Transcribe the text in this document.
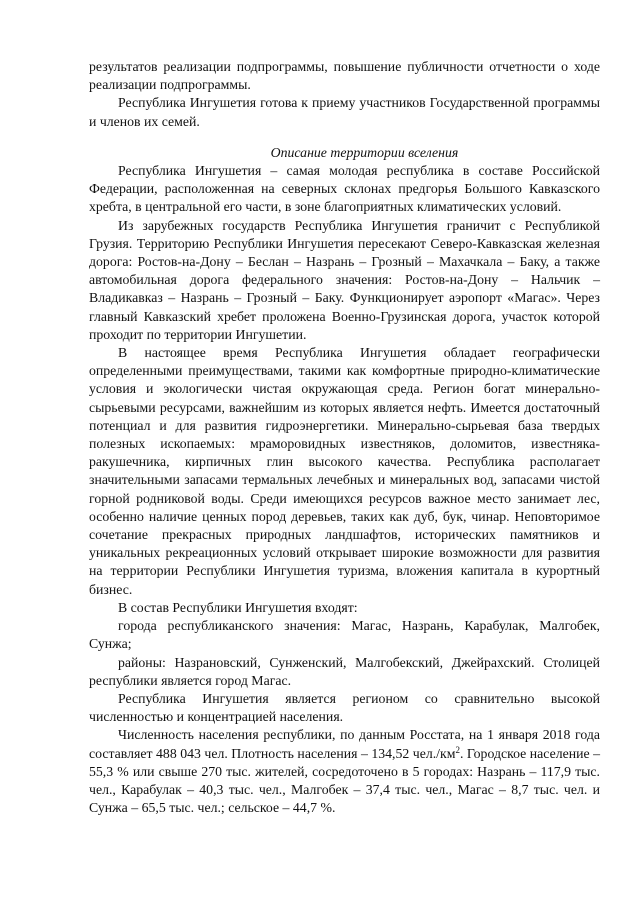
результатов реализации подпрограммы, повышение публичности отчетности о ходе реализации подпрограммы.

Республика Ингушетия готова к приему участников Государственной программы и членов их семей.

Описание территории вселения

Республика Ингушетия – самая молодая республика в составе Российской Федерации, расположенная на северных склонах предгорья Большого Кавказского хребта, в центральной его части, в зоне благоприятных климатических условий.

Из зарубежных государств Республика Ингушетия граничит с Республикой Грузия. Территорию Республики Ингушетия пересекают Северо-Кавказская железная дорога: Ростов-на-Дону – Беслан – Назрань – Грозный – Махачкала – Баку, а также автомобильная дорога федерального значения: Ростов-на-Дону – Нальчик – Владикавказ – Назрань – Грозный – Баку. Функционирует аэропорт «Магас». Через главный Кавказский хребет проложена Военно-Грузинская дорога, участок которой проходит по территории Ингушетии.

В настоящее время Республика Ингушетия обладает географически определенными преимуществами, такими как комфортные природно-климатические условия и экологически чистая окружающая среда. Регион богат минерально-сырьевыми ресурсами, важнейшим из которых является нефть. Имеется достаточный потенциал и для развития гидроэнергетики. Минерально-сырьевая база твердых полезных ископаемых: мраморовидных известняков, доломитов, известняка-ракушечника, кирпичных глин высокого качества. Республика располагает значительными запасами термальных лечебных и минеральных вод, запасами чистой горной родниковой воды. Среди имеющихся ресурсов важное место занимает лес, особенно наличие ценных пород деревьев, таких как дуб, бук, чинар. Неповторимое сочетание прекрасных природных ландшафтов, исторических памятников и уникальных рекреационных условий открывает широкие возможности для развития на территории Республики Ингушетия туризма, вложения капитала в курортный бизнес.

В состав Республики Ингушетия входят:

города республиканского значения: Магас, Назрань, Карабулак, Малгобек, Сунжа;

районы: Назрановский, Сунженский, Малгобекский, Джейрахский. Столицей республики является город Магас.

Республика Ингушетия является регионом со сравнительно высокой численностью и концентрацией населения.

Численность населения республики, по данным Росстата, на 1 января 2018 года составляет 488 043 чел. Плотность населения – 134,52 $чел./км^2$. Городское население – 55,3 % или свыше 270 тыс. жителей, сосредоточено в 5 городах: Назрань – 117,9 тыс. чел., Карабулак – 40,3 тыс. чел., Малгобек – 37,4 тыс. чел., Магас – 8,7 тыс. чел. и Сунжа – 65,5 тыс. чел.; сельское – 44,7 %.
